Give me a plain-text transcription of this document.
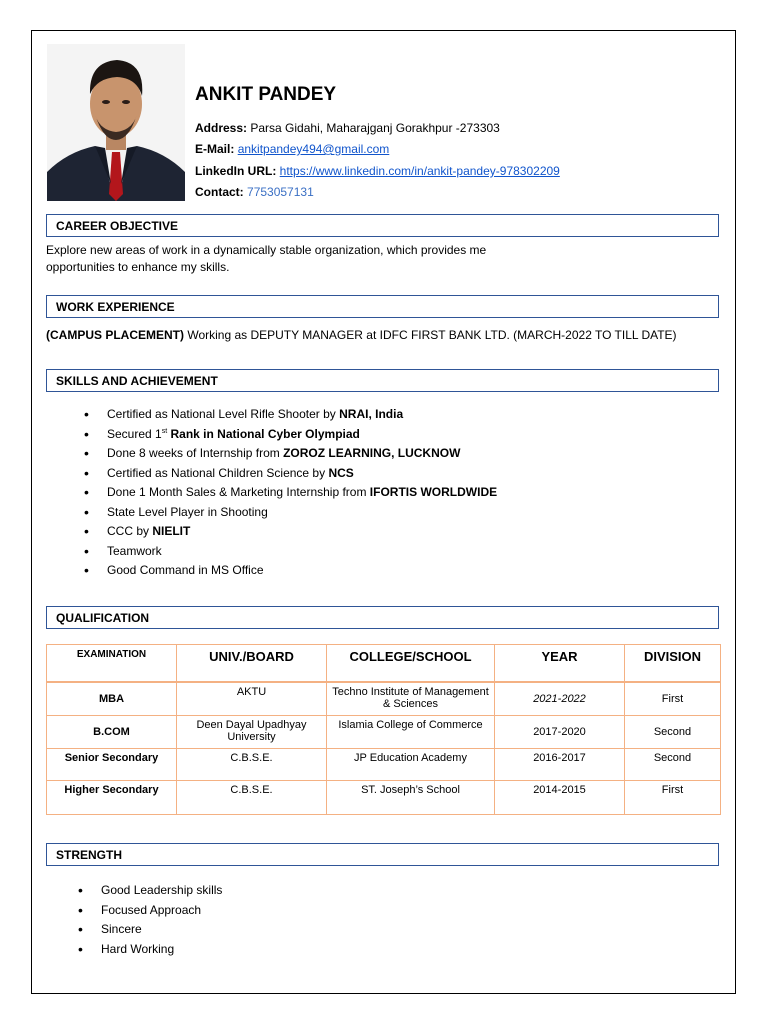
ANKIT PANDEY
Address: Parsa Gidahi, Maharajganj Gorakhpur -273303
E-Mail: ankitpandey494@gmail.com
LinkedIn URL: https://www.linkedin.com/in/ankit-pandey-978302209
Contact: 7753057131
CAREER OBJECTIVE
Explore new areas of work in a dynamically stable organization, which provides me
opportunities to enhance my skills.
WORK EXPERIENCE
(CAMPUS PLACEMENT) Working as DEPUTY MANAGER at IDFC FIRST BANK LTD. (MARCH-2022 TO TILL DATE)
SKILLS AND ACHIEVEMENT
• Certified as National Level Rifle Shooter by NRAI, India
• Secured 1st Rank in National Cyber Olympiad
• Done 8 weeks of Internship from ZOROZ LEARNING, LUCKNOW
• Certified as National Children Science by NCS
• Done 1 Month Sales & Marketing Internship from IFORTIS WORLDWIDE
• State Level Player in Shooting
• CCC by NIELIT
• Teamwork
• Good Command in MS Office
QUALIFICATION
EXAMINATION	UNIV./BOARD	COLLEGE/SCHOOL	YEAR	DIVISION
MBA	AKTU	Techno Institute of Management & Sciences	2021-2022	First
B.COM	Deen Dayal Upadhyay University	Islamia College of Commerce	2017-2020	Second
Senior Secondary	C.B.S.E.	JP Education Academy	2016-2017	Second
Higher Secondary	C.B.S.E.	ST. Joseph’s School	2014-2015	First
STRENGTH
• Good Leadership skills
• Focused Approach
• Sincere
• Hard Working
